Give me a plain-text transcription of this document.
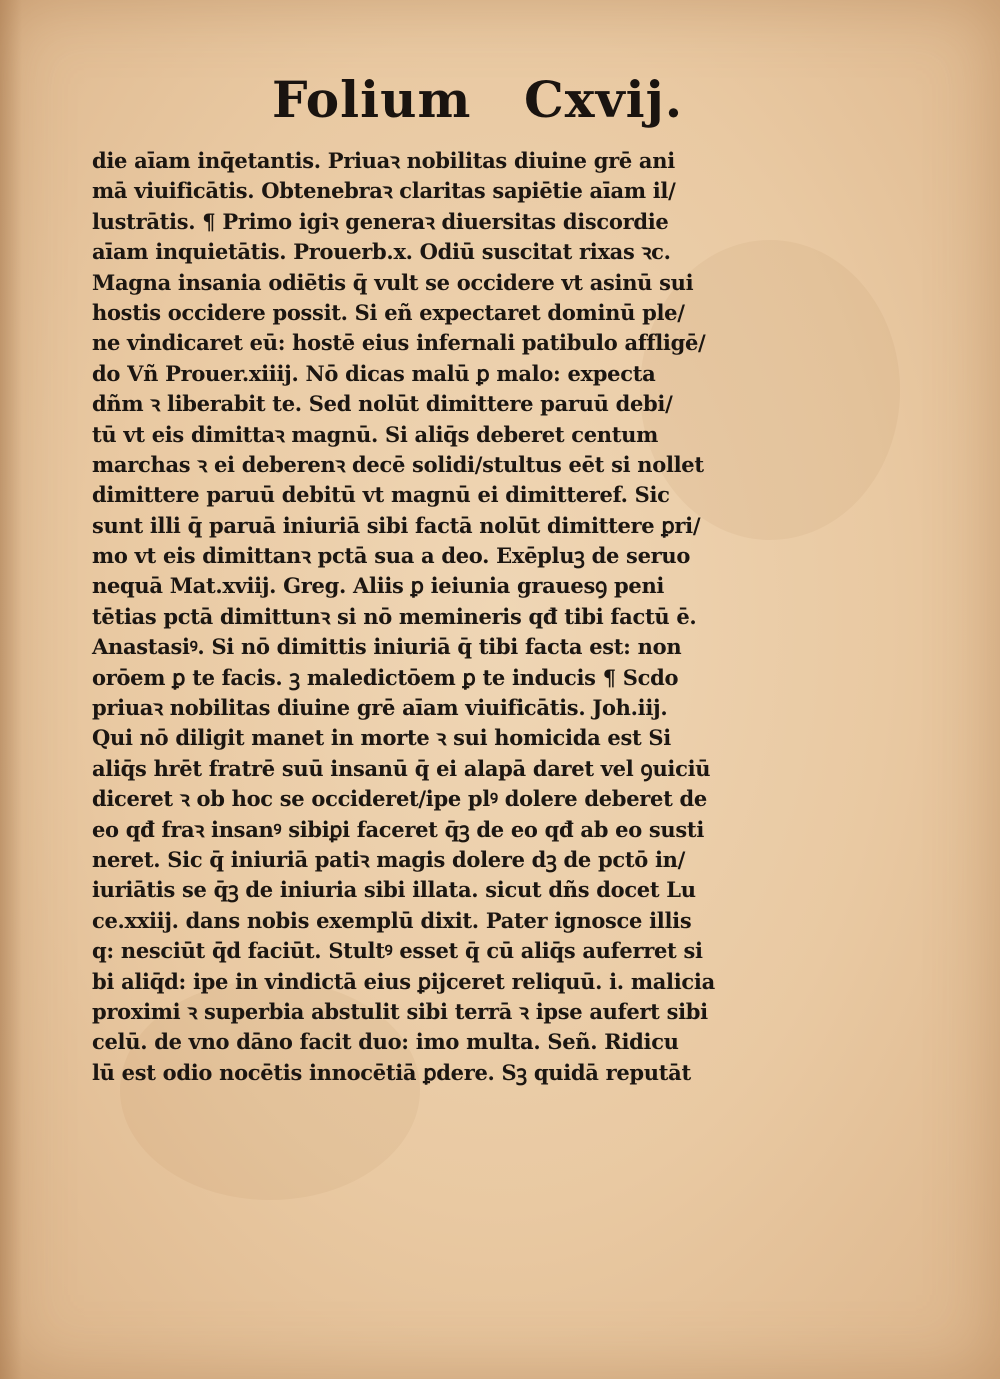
Folium Cxvij.
die aīam inq̄etantis. Priuaꝛ nobilitas diuine grē ani
mā viuificātis. Obtenebraꝛ claritas sapiētie aīam il/
lustrātis. ¶ Primo igiꝛ generaꝛ diuersitas discordie
aīam inquietātis. Prouerb.x. Odiū suscitat rixas ꝛc.
Magna insania odiētis q̄ vult se occidere vt asinū sui
hostis occidere possit. Si eñ expectaret dominū ple/
ne vindicaret eū: hostē eius infernali patibulo affligē/
do Vñ Prouer.xiiij. Nō dicas malū ꝑ malo: expecta
dñm ꝛ liberabit te. Sed nolūt dimittere paruū debi/
tū vt eis dimittaꝛ magnū. Si aliq̄s deberet centum
marchas ꝛ ei deberenꝛ decē solidi/stultus eēt si nollet
dimittere paruū debitū vt magnū ei dimitteref. Sic
sunt illi q̄ paruā iniuriā sibi factā nolūt dimittere ꝑri/
mo vt eis dimittanꝛ pctā sua a deo. Exēpluꝫ de seruo
nequā Mat.xviij. Greg. Aliis ꝑ ieiunia grauesꝯ peni
tētias pctā dimittunꝛ si nō memineris qđ tibi factū ē.
Anastasiꝰ. Si nō dimittis iniuriā q̄ tibi facta est: non
orōem ꝑ te facis. ꝫ maledictōem ꝑ te inducis ¶ Scdo
priuaꝛ nobilitas diuine grē aīam viuificātis. Joh.iij.
Qui nō diligit manet in morte ꝛ sui homicida est Si
aliq̄s hrēt fratrē suū insanū q̄ ei alapā daret vel ꝯuiciū
diceret ꝛ ob hoc se occideret/ipe plꝰ dolere deberet de
eo qđ fraꝛ insanꝰ sibiꝑi faceret q̄ꝫ de eo qđ ab eo susti
neret. Sic q̄ iniuriā patiꝛ magis dolere dꝫ de pctō in/
iuriātis se q̄ꝫ de iniuria sibi illata. sicut dñs docet Lu
ce.xxiij. dans nobis exemplū dixit. Pater ignosce illis
q: nesciūt q̄d faciūt. Stultꝰ esset q̄ cū aliq̄s auferret si
bi aliq̄d: ipe in vindictā eius ꝑijceret reliquū. i. malicia
proximi ꝛ superbia abstulit sibi terrā ꝛ ipse aufert sibi
celū. de vno dāno facit duo: imo multa. Señ. Ridicu
lū est odio nocētis innocētiā ꝑdere. Sꝫ quidā reputāt
